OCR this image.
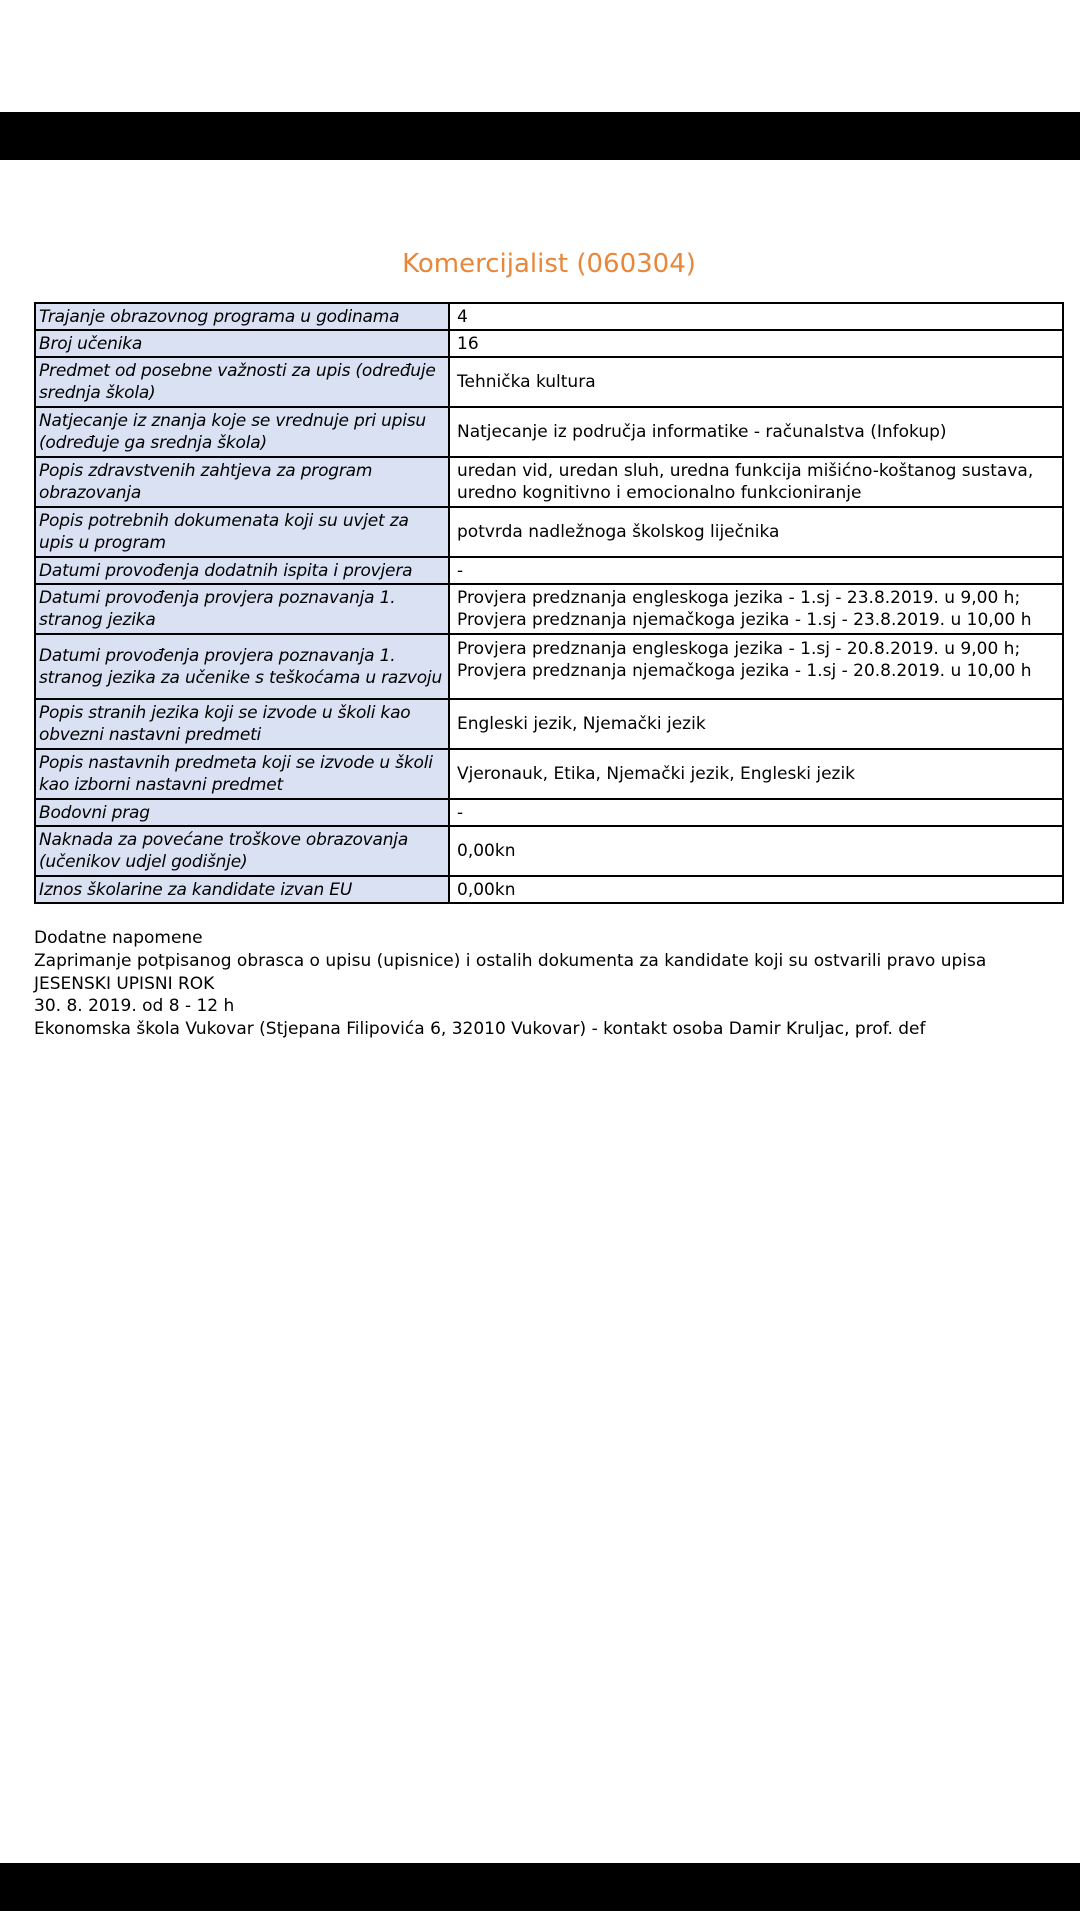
Komercijalist (060304)
Trajanje obrazovnog programa u godinama	4
Broj učenika	16
Predmet od posebne važnosti za upis (određuje srednja škola)	Tehnička kultura
Natjecanje iz znanja koje se vrednuje pri upisu (određuje ga srednja škola)	Natjecanje iz područja informatike - računalstva (Infokup)
Popis zdravstvenih zahtjeva za program obrazovanja	uredan vid, uredan sluh, uredna funkcija mišićno-koštanog sustava, uredno kognitivno i emocionalno funkcioniranje
Popis potrebnih dokumenata koji su uvjet za upis u program	potvrda nadležnoga školskog liječnika
Datumi provođenja dodatnih ispita i provjera	-
Datumi provođenja provjera poznavanja 1. stranog jezika	Provjera predznanja engleskoga jezika - 1.sj - 23.8.2019. u 9,00 h;
Provjera predznanja njemačkoga jezika - 1.sj - 23.8.2019. u 10,00 h
Datumi provođenja provjera poznavanja 1. stranog jezika za učenike s teškoćama u razvoju	Provjera predznanja engleskoga jezika - 1.sj - 20.8.2019. u 9,00 h;
Provjera predznanja njemačkoga jezika - 1.sj - 20.8.2019. u 10,00 h
Popis stranih jezika koji se izvode u školi kao obvezni nastavni predmeti	Engleski jezik, Njemački jezik
Popis nastavnih predmeta koji se izvode u školi kao izborni nastavni predmet	Vjeronauk, Etika, Njemački jezik, Engleski jezik
Bodovni prag	-
Naknada za povećane troškove obrazovanja (učenikov udjel godišnje)	0,00kn
Iznos školarine za kandidate izvan EU	0,00kn
Dodatne napomene
Zaprimanje potpisanog obrasca o upisu (upisnice) i ostalih dokumenta za kandidate koji su ostvarili pravo upisa
JESENSKI UPISNI ROK
30. 8. 2019. od 8 - 12 h
Ekonomska škola Vukovar (Stjepana Filipovića 6, 32010 Vukovar) - kontakt osoba Damir Kruljac, prof. def
